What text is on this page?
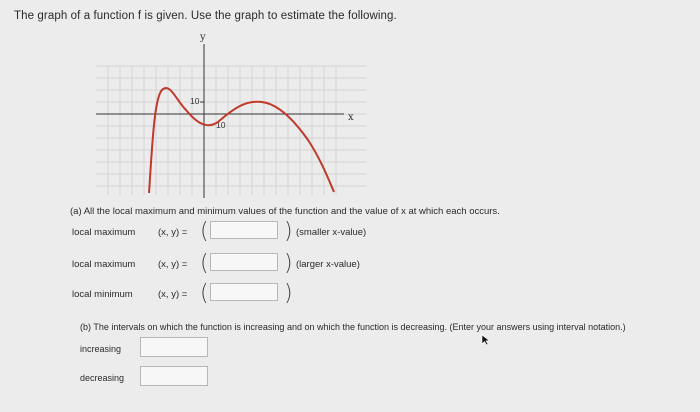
The graph of a function f is given. Use the graph to estimate the following.
y
x
10
10
(a) All the local maximum and minimum values of the function and the value of x at which each occurs.
local maximum (x, y) = (	) (smaller x-value)
local maximum (x, y) = (	) (larger x-value)
local minimum	(x, y) = (	)
(b) The intervals on which the function is increasing and on which the function is decreasing. (Enter your answers using interval notation.)
increasing
decreasing
